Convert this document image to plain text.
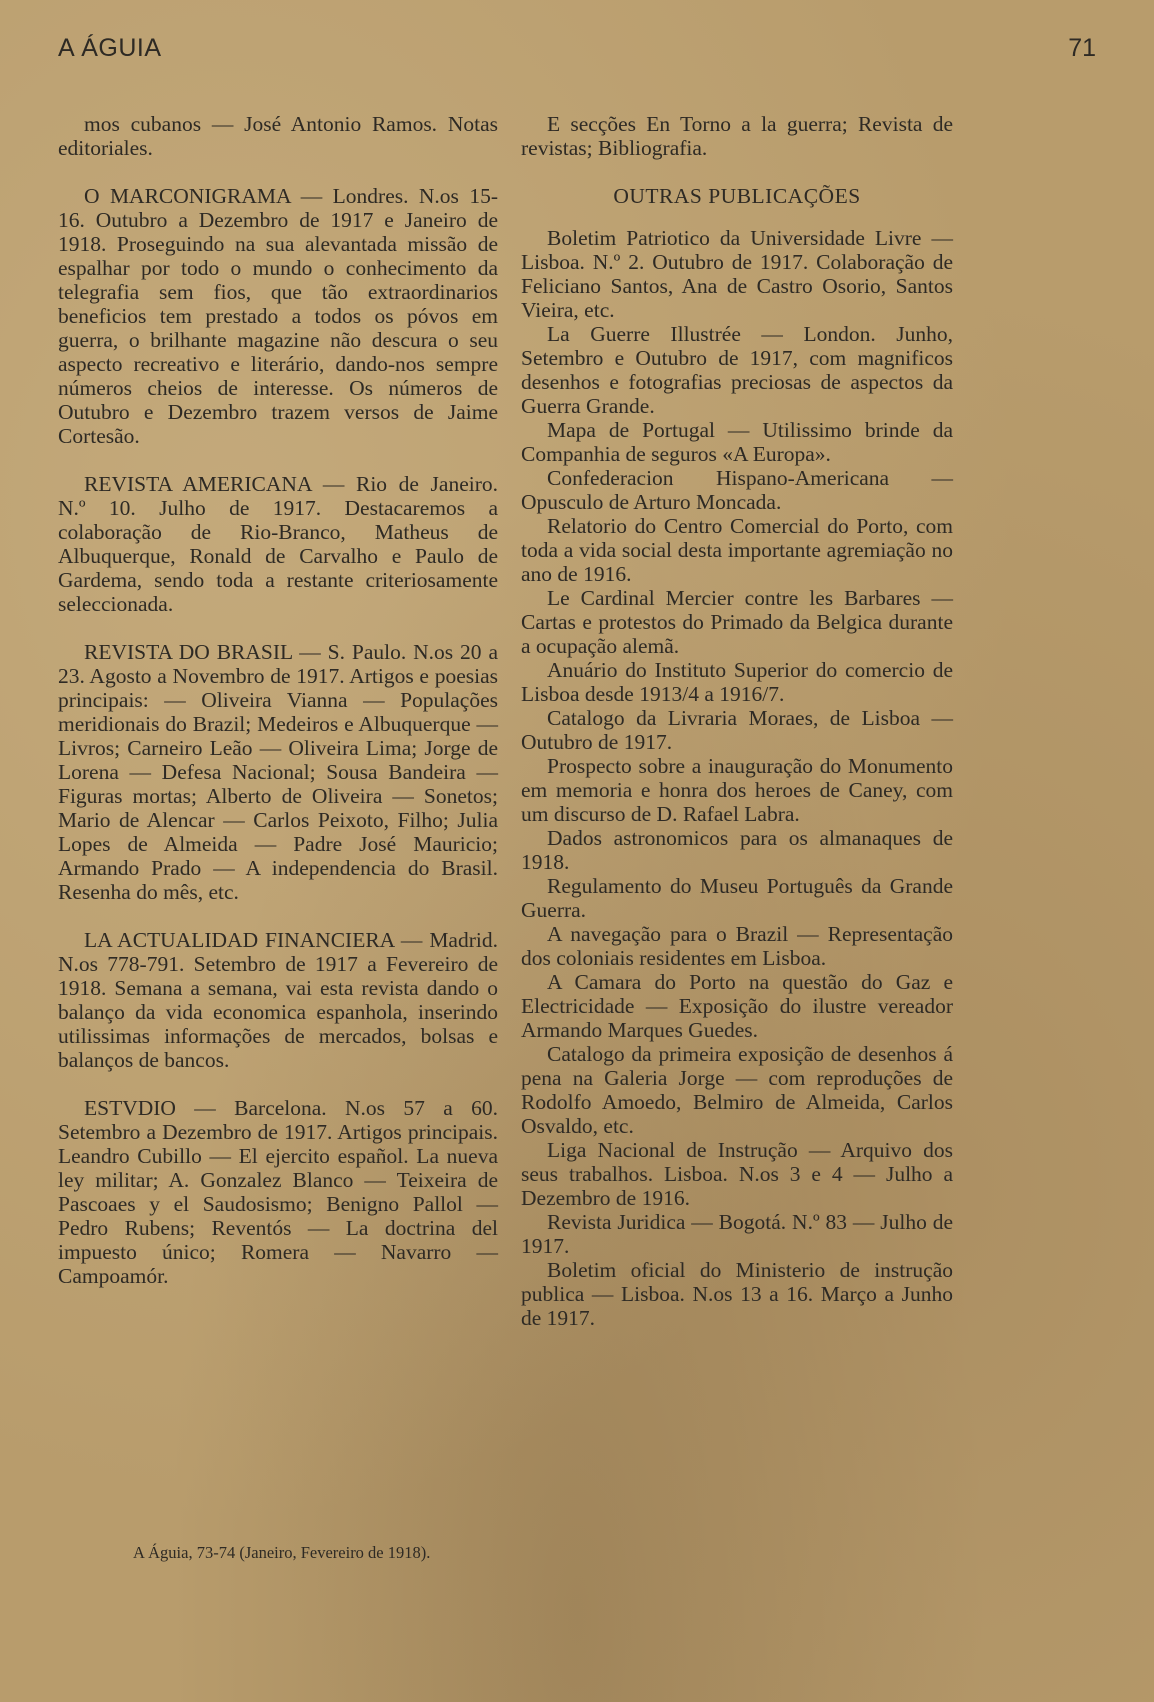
A ÁGUIA	71

mos cubanos — José Antonio Ramos. Notas editoriales.

O MARCONIGRAMA — Londres. N.os 15-16. Outubro a Dezembro de 1917 e Janeiro de 1918. Proseguindo na sua alevantada missão de espalhar por todo o mundo o conhecimento da telegrafia sem fios, que tão extraordinarios beneficios tem prestado a todos os póvos em guerra, o brilhante magazine não descura o seu aspecto recreativo e literário, dando-nos sempre números cheios de interesse. Os números de Outubro e Dezembro trazem versos de Jaime Cortesão.

REVISTA AMERICANA — Rio de Janeiro. N.º 10. Julho de 1917. Destacaremos a colaboração de Rio-Branco, Matheus de Albuquerque, Ronald de Carvalho e Paulo de Gardema, sendo toda a restante criteriosamente seleccionada.

REVISTA DO BRASIL — S. Paulo. N.os 20 a 23. Agosto a Novembro de 1917. Artigos e poesias principais: — Oliveira Vianna — Populações meridionais do Brazil; Medeiros e Albuquerque — Livros; Carneiro Leão — Oliveira Lima; Jorge de Lorena — Defesa Nacional; Sousa Bandeira — Figuras mortas; Alberto de Oliveira — Sonetos; Mario de Alencar — Carlos Peixoto, Filho; Julia Lopes de Almeida — Padre José Mauricio; Armando Prado — A independencia do Brasil. Resenha do mês, etc.

LA ACTUALIDAD FINANCIERA — Madrid. N.os 778-791. Setembro de 1917 a Fevereiro de 1918. Semana a semana, vai esta revista dando o balanço da vida economica espanhola, inserindo utilissimas informações de mercados, bolsas e balanços de bancos.

ESTVDIO — Barcelona. N.os 57 a 60. Setembro a Dezembro de 1917. Artigos principais. Leandro Cubillo — El ejercito español. La nueva ley militar; A. Gonzalez Blanco — Teixeira de Pascoaes y el Saudosismo; Benigno Pallol — Pedro Rubens; Reventós — La doctrina del impuesto único; Romera — Navarro — Campoamór.

E secções En Torno a la guerra; Revista de revistas; Bibliografia.

OUTRAS PUBLICAÇÕES

Boletim Patriotico da Universidade Livre — Lisboa. N.º 2. Outubro de 1917. Colaboração de Feliciano Santos, Ana de Castro Osorio, Santos Vieira, etc.

La Guerre Illustrée — London. Junho, Setembro e Outubro de 1917, com magnificos desenhos e fotografias preciosas de aspectos da Guerra Grande.

Mapa de Portugal — Utilissimo brinde da Companhia de seguros «A Europa».

Confederacion Hispano-Americana — Opusculo de Arturo Moncada.

Relatorio do Centro Comercial do Porto, com toda a vida social desta importante agremiação no ano de 1916.

Le Cardinal Mercier contre les Barbares — Cartas e protestos do Primado da Belgica durante a ocupação alemã.

Anuário do Instituto Superior do comercio de Lisboa desde 1913/4 a 1916/7.

Catalogo da Livraria Moraes, de Lisboa — Outubro de 1917.

Prospecto sobre a inauguração do Monumento em memoria e honra dos heroes de Caney, com um discurso de D. Rafael Labra.

Dados astronomicos para os almanaques de 1918.

Regulamento do Museu Português da Grande Guerra.

A navegação para o Brazil — Representação dos coloniais residentes em Lisboa.

A Camara do Porto na questão do Gaz e Electricidade — Exposição do ilustre vereador Armando Marques Guedes.

Catalogo da primeira exposição de desenhos á pena na Galeria Jorge — com reproduções de Rodolfo Amoedo, Belmiro de Almeida, Carlos Osvaldo, etc.

Liga Nacional de Instrução — Arquivo dos seus trabalhos. Lisboa. N.os 3 e 4 — Julho a Dezembro de 1916.

Revista Juridica — Bogotá. N.º 83 — Julho de 1917.

Boletim oficial do Ministerio de instrução publica — Lisboa. N.os 13 a 16. Março a Junho de 1917.

A Águia, 73-74 (Janeiro, Fevereiro de 1918).
